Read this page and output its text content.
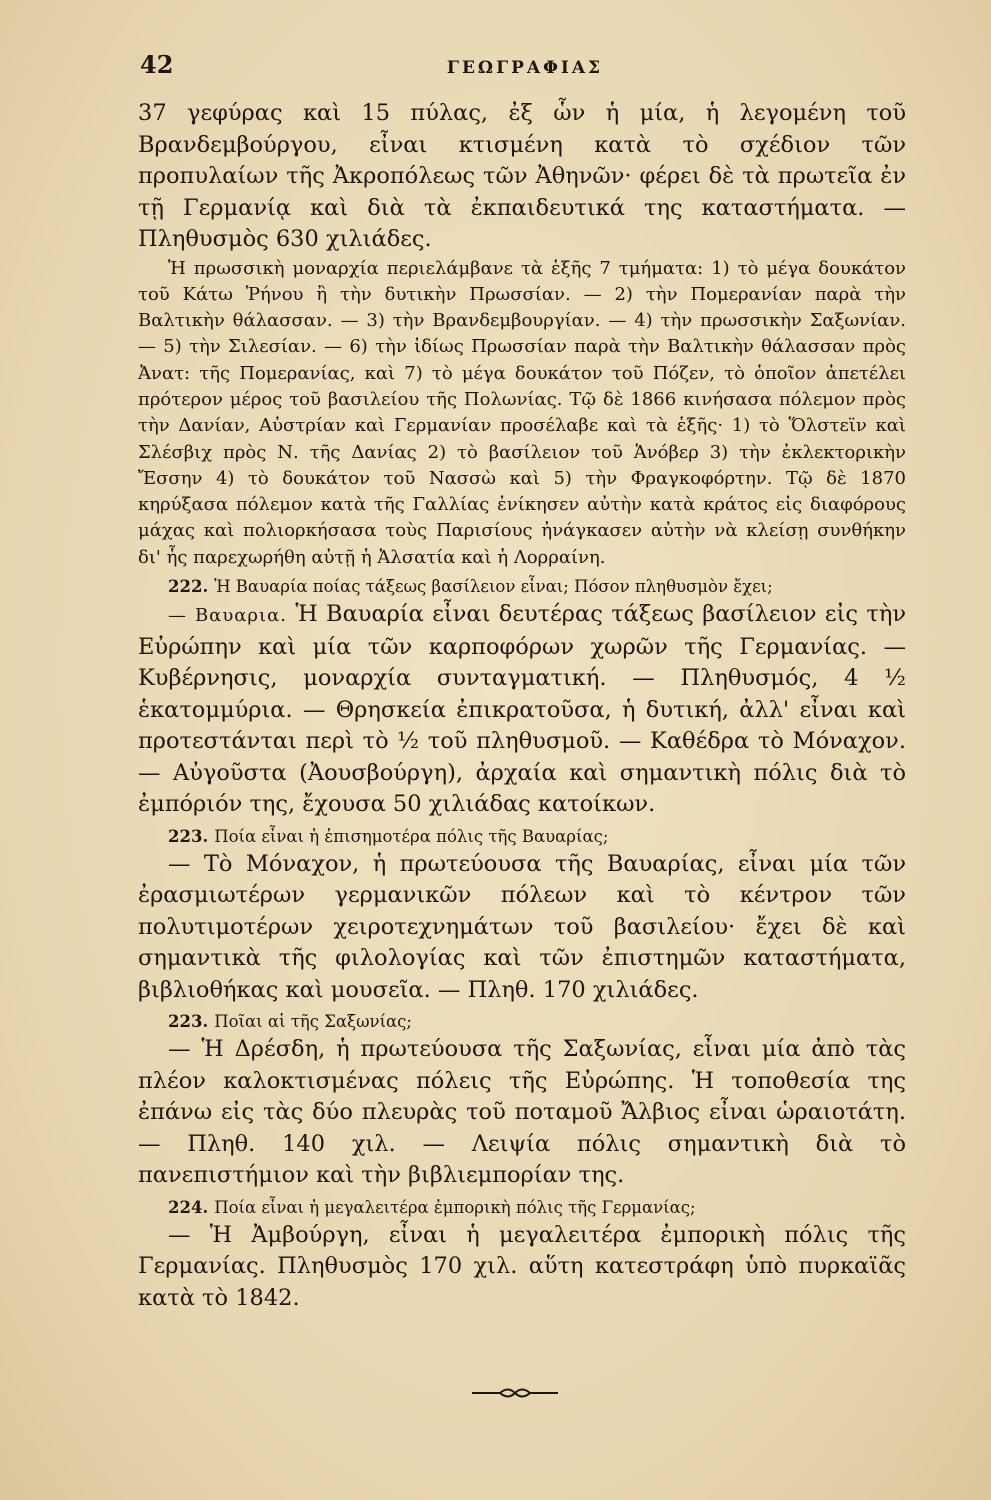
42	ΓΕΩΓΡΑΦΙΑΣ

37 γεφύρας καὶ 15 πύλας, ἐξ ὧν ἡ μία, ἡ λεγομένη τοῦ Βρανδεμβούργου, εἶναι κτισμένη κατὰ τὸ σχέδιον τῶν προπυλαίων τῆς Ἀκροπόλεως τῶν Ἀθηνῶν· φέρει δὲ τὰ πρωτεῖα ἐν τῇ Γερμανίᾳ καὶ διὰ τὰ ἐκπαιδευτικά της καταστήματα. — Πληθυσμὸς 630 χιλιάδες.

Ἡ πρωσσικὴ μοναρχία περιελάμβανε τὰ ἑξῆς 7 τμήματα: 1) τὸ μέγα δουκάτον τοῦ Κάτω Ῥήνου ἢ τὴν δυτικὴν Πρωσσίαν. — 2) τὴν Πομερανίαν παρὰ τὴν Βαλτικὴν θάλασσαν. — 3) τὴν Βρανδεμβουργίαν. — 4) τὴν πρωσσικὴν Σαξωνίαν. — 5) τὴν Σιλεσίαν. — 6) τὴν ἰδίως Πρωσσίαν παρὰ τὴν Βαλτικὴν θάλασσαν πρὸς Ἀνατ: τῆς Πομερανίας, καὶ 7) τὸ μέγα δουκάτον τοῦ Πόζεν, τὸ ὁποῖον ἀπετέλει πρότερον μέρος τοῦ βασιλείου τῆς Πολωνίας. Τῷ δὲ 1866 κινήσασα πόλεμον πρὸς τὴν Δανίαν, Αὐστρίαν καὶ Γερμανίαν προσέλαβε καὶ τὰ ἑξῆς· 1) τὸ Ὅλστεϊν καὶ Σλέσβιχ πρὸς Ν. τῆς Δανίας 2) τὸ βασίλειον τοῦ Ἁνόβερ 3) τὴν ἐκλεκτορικὴν Ἔσσην 4) τὸ δουκάτον τοῦ Νασσὼ καὶ 5) τὴν Φραγκοφόρτην. Τῷ δὲ 1870 κηρύξασα πόλεμον κατὰ τῆς Γαλλίας ἐνίκησεν αὐτὴν κατὰ κράτος εἰς διαφόρους μάχας καὶ πολιορκήσασα τοὺς Παρισίους ἠνάγκασεν αὐτὴν νὰ κλείσῃ συνθήκην δι' ἧς παρεχωρήθη αὐτῇ ἡ Ἀλσατία καὶ ἡ Λορραίνη.

222. Ἡ Βαυαρία ποίας τάξεως βασίλειον εἶναι; Πόσον πληθυσμὸν ἔχει;

— Βαυαρια. Ἡ Βαυαρία εἶναι δευτέρας τάξεως βασίλειον εἰς τὴν Εὐρώπην καὶ μία τῶν καρποφόρων χωρῶν τῆς Γερμανίας. — Κυβέρνησις, μοναρχία συνταγματική. — Πληθυσμός, 4 ½ ἑκατομμύρια. — Θρησκεία ἐπικρατοῦσα, ἡ δυτική, ἀλλ' εἶναι καὶ προτεστάνται περὶ τὸ ½ τοῦ πληθυσμοῦ. — Καθέδρα τὸ Μόναχον. — Αὐγοῦστα (Ἀουσβούργη), ἀρχαία καὶ σημαντικὴ πόλις διὰ τὸ ἐμπόριόν της, ἔχουσα 50 χιλιάδας κατοίκων.

223. Ποία εἶναι ἡ ἐπισημοτέρα πόλις τῆς Βαυαρίας;

— Τὸ Μόναχον, ἡ πρωτεύουσα τῆς Βαυαρίας, εἶναι μία τῶν ἐρασμιωτέρων γερμανικῶν πόλεων καὶ τὸ κέντρον τῶν πολυτιμοτέρων χειροτεχνημάτων τοῦ βασιλείου· ἔχει δὲ καὶ σημαντικὰ τῆς φιλολογίας καὶ τῶν ἐπιστημῶν καταστήματα, βιβλιοθήκας καὶ μουσεῖα. — Πληθ. 170 χιλιάδες.

223. Ποῖαι αἱ τῆς Σαξωνίας;

— Ἡ Δρέσδη, ἡ πρωτεύουσα τῆς Σαξωνίας, εἶναι μία ἀπὸ τὰς πλέον καλοκτισμένας πόλεις τῆς Εὐρώπης. Ἡ τοποθεσία της ἐπάνω εἰς τὰς δύο πλευρὰς τοῦ ποταμοῦ Ἄλβιος εἶναι ὡραιοτάτη. — Πληθ. 140 χιλ. — Λειψία πόλις σημαντικὴ διὰ τὸ πανεπιστήμιον καὶ τὴν βιβλιεμπορίαν της.

224. Ποία εἶναι ἡ μεγαλειτέρα ἐμπορικὴ πόλις τῆς Γερμανίας;

— Ἡ Ἀμβούργη, εἶναι ἡ μεγαλειτέρα ἐμπορικὴ πόλις τῆς Γερμανίας. Πληθυσμὸς 170 χιλ. αὕτη κατεστράφη ὑπὸ πυρκαϊᾶς κατὰ τὸ 1842.
